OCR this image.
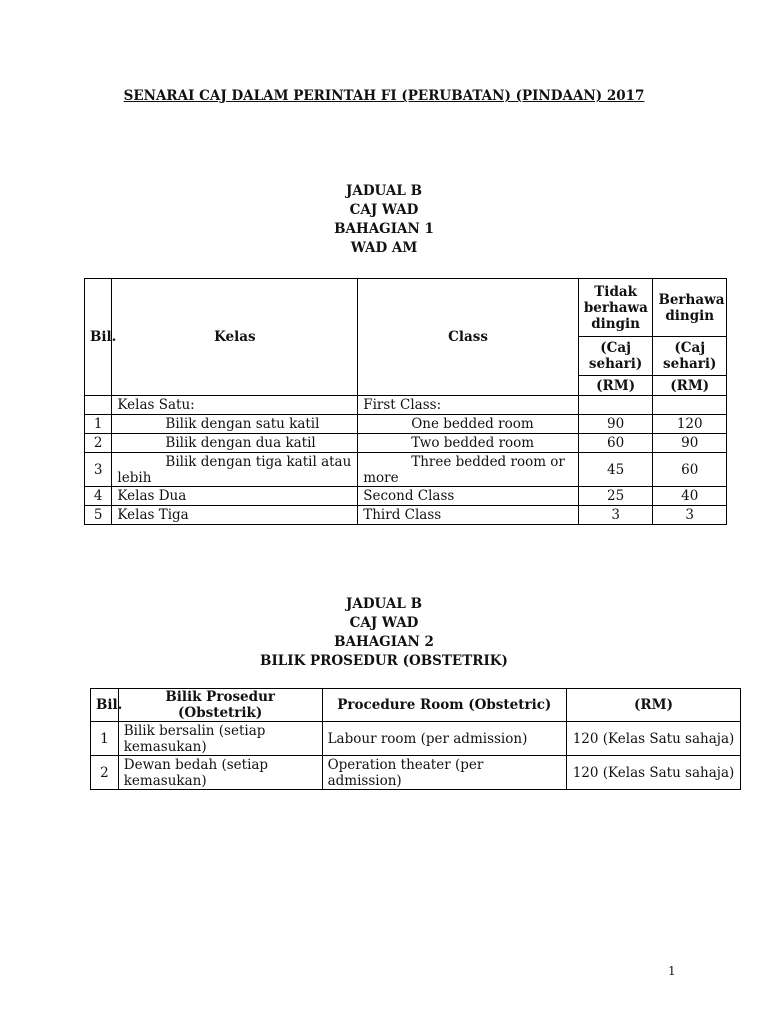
SENARAI CAJ DALAM PERINTAH FI (PERUBATAN) (PINDAAN) 2017
JADUAL B
CAJ WAD
BAHAGIAN 1
WAD AM
Bil.	Kelas	Class	Tidak berhawa dingin	Berhawa dingin
			(Caj sehari)	(Caj sehari)
			(RM)	(RM)
	Kelas Satu:	First Class:		
1	Bilik dengan satu katil	One bedded room	90	120
2	Bilik dengan dua katil	Two bedded room	60	90
3	Bilik dengan tiga katil atau lebih	Three bedded room or more	45	60
4	Kelas Dua	Second Class	25	40
5	Kelas Tiga	Third Class	3	3
JADUAL B
CAJ WAD
BAHAGIAN 2
BILIK PROSEDUR (OBSTETRIK)
Bil.	Bilik Prosedur (Obstetrik)	Procedure Room (Obstetric)	(RM)
1	Bilik bersalin (setiap kemasukan)	Labour room (per admission)	120 (Kelas Satu sahaja)
2	Dewan bedah (setiap kemasukan)	Operation theater (per admission)	120 (Kelas Satu sahaja)
1
